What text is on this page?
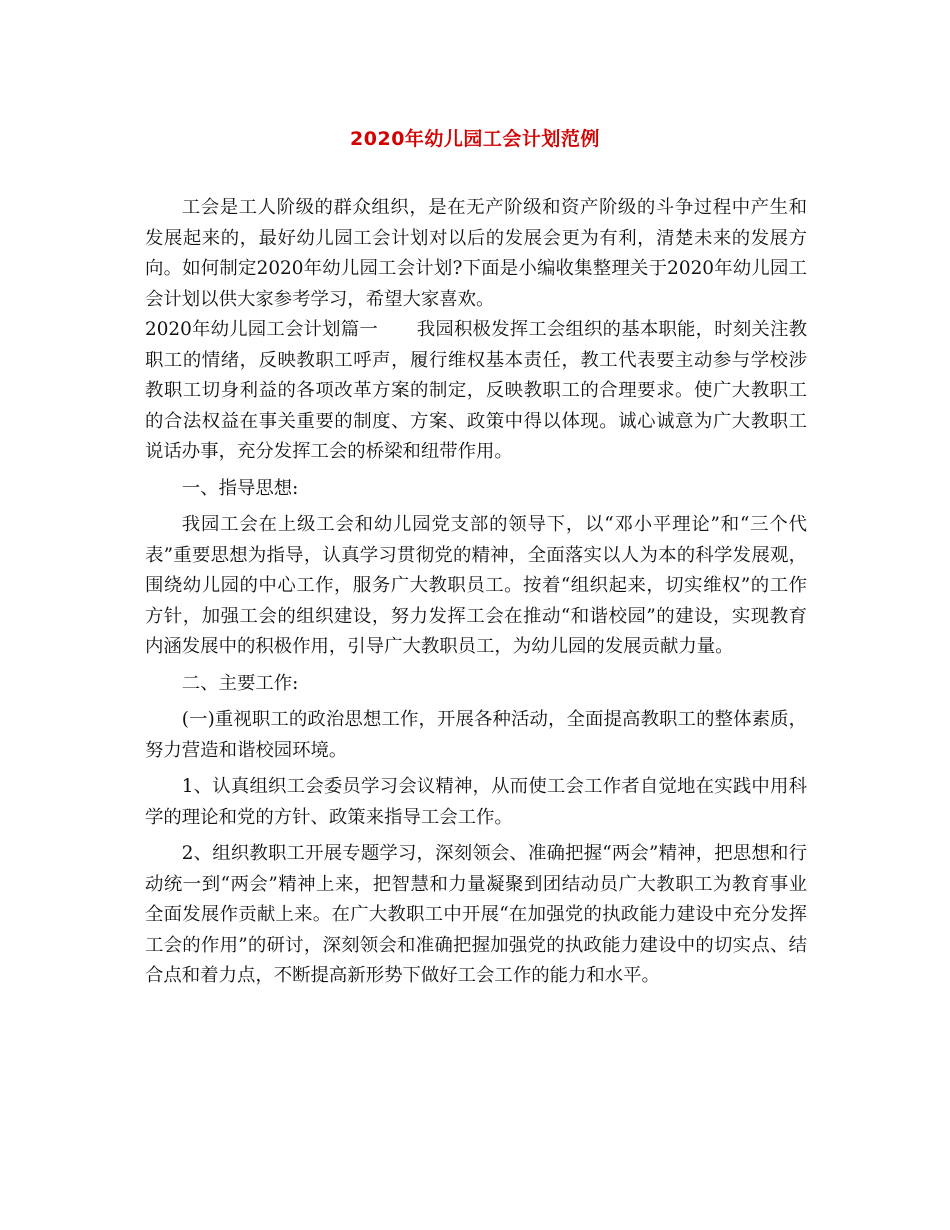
2020年幼儿园工会计划范例

工会是工人阶级的群众组织，是在无产阶级和资产阶级的斗争过程中产生和发展起来的，最好幼儿园工会计划对以后的发展会更为有利，清楚未来的发展方向。如何制定2020年幼儿园工会计划?下面是小编收集整理关于2020年幼儿园工会计划以供大家参考学习，希望大家喜欢。

2020年幼儿园工会计划篇一 我园积极发挥工会组织的基本职能，时刻关注教职工的情绪，反映教职工呼声，履行维权基本责任，教工代表要主动参与学校涉教职工切身利益的各项改革方案的制定，反映教职工的合理要求。使广大教职工的合法权益在事关重要的制度、方案、政策中得以体现。诚心诚意为广大教职工说话办事，充分发挥工会的桥梁和纽带作用。

一、指导思想:

我园工会在上级工会和幼儿园党支部的领导下，以“邓小平理论”和“三个代表”重要思想为指导，认真学习贯彻党的精神，全面落实以人为本的科学发展观，围绕幼儿园的中心工作，服务广大教职员工。按着“组织起来，切实维权”的工作方针，加强工会的组织建设，努力发挥工会在推动“和谐校园”的建设，实现教育内涵发展中的积极作用，引导广大教职员工，为幼儿园的发展贡献力量。

二、主要工作:

(一)重视职工的政治思想工作，开展各种活动，全面提高教职工的整体素质，努力营造和谐校园环境。

1、认真组织工会委员学习会议精神，从而使工会工作者自觉地在实践中用科学的理论和党的方针、政策来指导工会工作。

2、组织教职工开展专题学习，深刻领会、准确把握“两会”精神，把思想和行动统一到“两会”精神上来，把智慧和力量凝聚到团结动员广大教职工为教育事业全面发展作贡献上来。在广大教职工中开展“在加强党的执政能力建设中充分发挥工会的作用”的研讨，深刻领会和准确把握加强党的执政能力建设中的切实点、结合点和着力点，不断提高新形势下做好工会工作的能力和水平。
